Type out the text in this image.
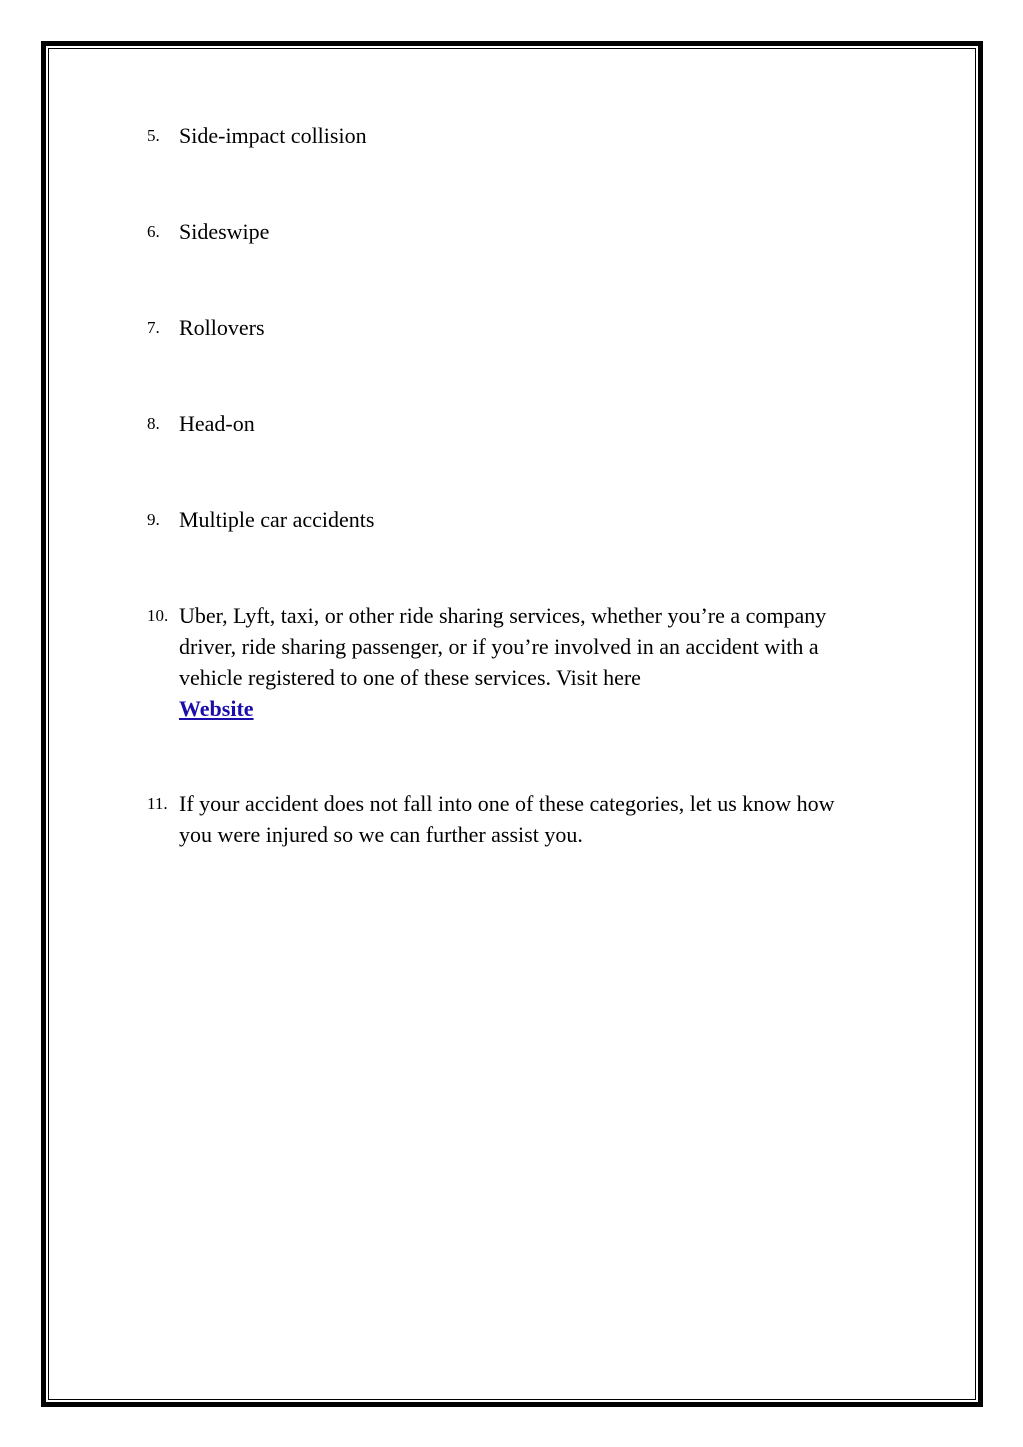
5. Side-impact collision
6. Sideswipe
7. Rollovers
8. Head-on
9. Multiple car accidents
10. Uber, Lyft, taxi, or other ride sharing services, whether you’re a company driver, ride sharing passenger, or if you’re involved in an accident with a vehicle registered to one of these services. Visit here
Website
11. If your accident does not fall into one of these categories, let us know how you were injured so we can further assist you.
